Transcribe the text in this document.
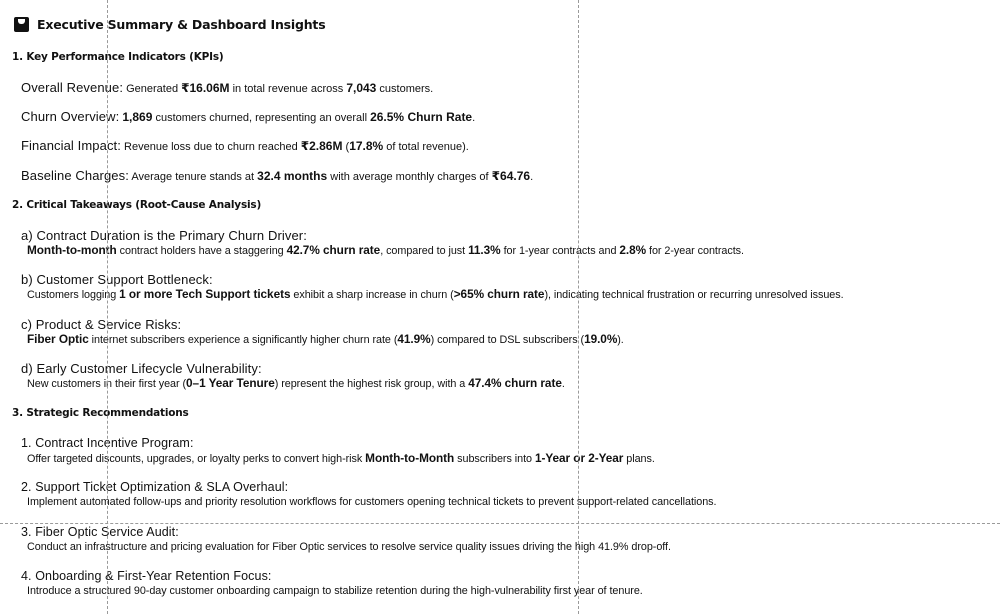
Executive Summary & Dashboard Insights
1. Key Performance Indicators (KPIs)
Overall Revenue: Generated ₹16.06M in total revenue across 7,043 customers.
Churn Overview: 1,869 customers churned, representing an overall 26.5% Churn Rate.
Financial Impact: Revenue loss due to churn reached ₹2.86M (17.8% of total revenue).
Baseline Charges: Average tenure stands at 32.4 months with average monthly charges of ₹64.76.
2. Critical Takeaways (Root-Cause Analysis)
a) Contract Duration is the Primary Churn Driver:
Month-to-month contract holders have a staggering 42.7% churn rate, compared to just 11.3% for 1-year contracts and 2.8% for 2-year contracts.
b) Customer Support Bottleneck:
Customers logging 1 or more Tech Support tickets exhibit a sharp increase in churn (>65% churn rate), indicating technical frustration or recurring unresolved issues.
c) Product & Service Risks:
Fiber Optic internet subscribers experience a significantly higher churn rate (41.9%) compared to DSL subscribers (19.0%).
d) Early Customer Lifecycle Vulnerability:
New customers in their first year (0–1 Year Tenure) represent the highest risk group, with a 47.4% churn rate.
3. Strategic Recommendations
1. Contract Incentive Program:
Offer targeted discounts, upgrades, or loyalty perks to convert high-risk Month-to-Month subscribers into 1-Year or 2-Year plans.
2. Support Ticket Optimization & SLA Overhaul:
Implement automated follow-ups and priority resolution workflows for customers opening technical tickets to prevent support-related cancellations.
3. Fiber Optic Service Audit:
Conduct an infrastructure and pricing evaluation for Fiber Optic services to resolve service quality issues driving the high 41.9% drop-off.
4. Onboarding & First-Year Retention Focus:
Introduce a structured 90-day customer onboarding campaign to stabilize retention during the high-vulnerability first year of tenure.
